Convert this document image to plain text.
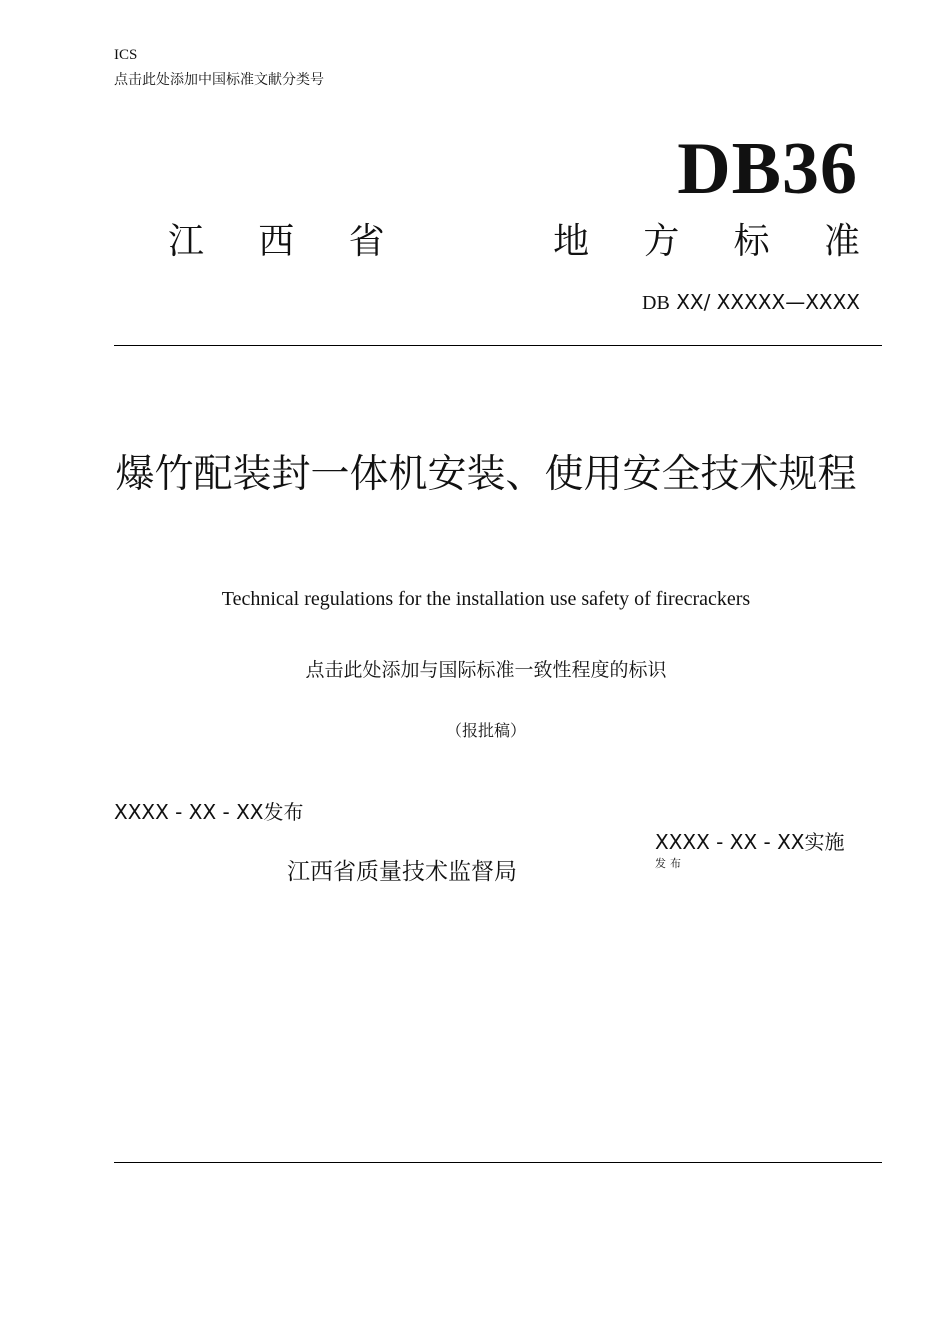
ICS
点击此处添加中国标准文献分类号
DB36
江 西 省	地 方 标 准
DB XX/ XXXXX—XXXX
爆竹配装封一体机安装、使用安全技术规程
Technical regulations for the installation use safety of firecrackers
点击此处添加与国际标准一致性程度的标识
（报批稿）
XXXX - XX - XX发布
XXXX - XX - XX实施
江西省质量技术监督局	发布
